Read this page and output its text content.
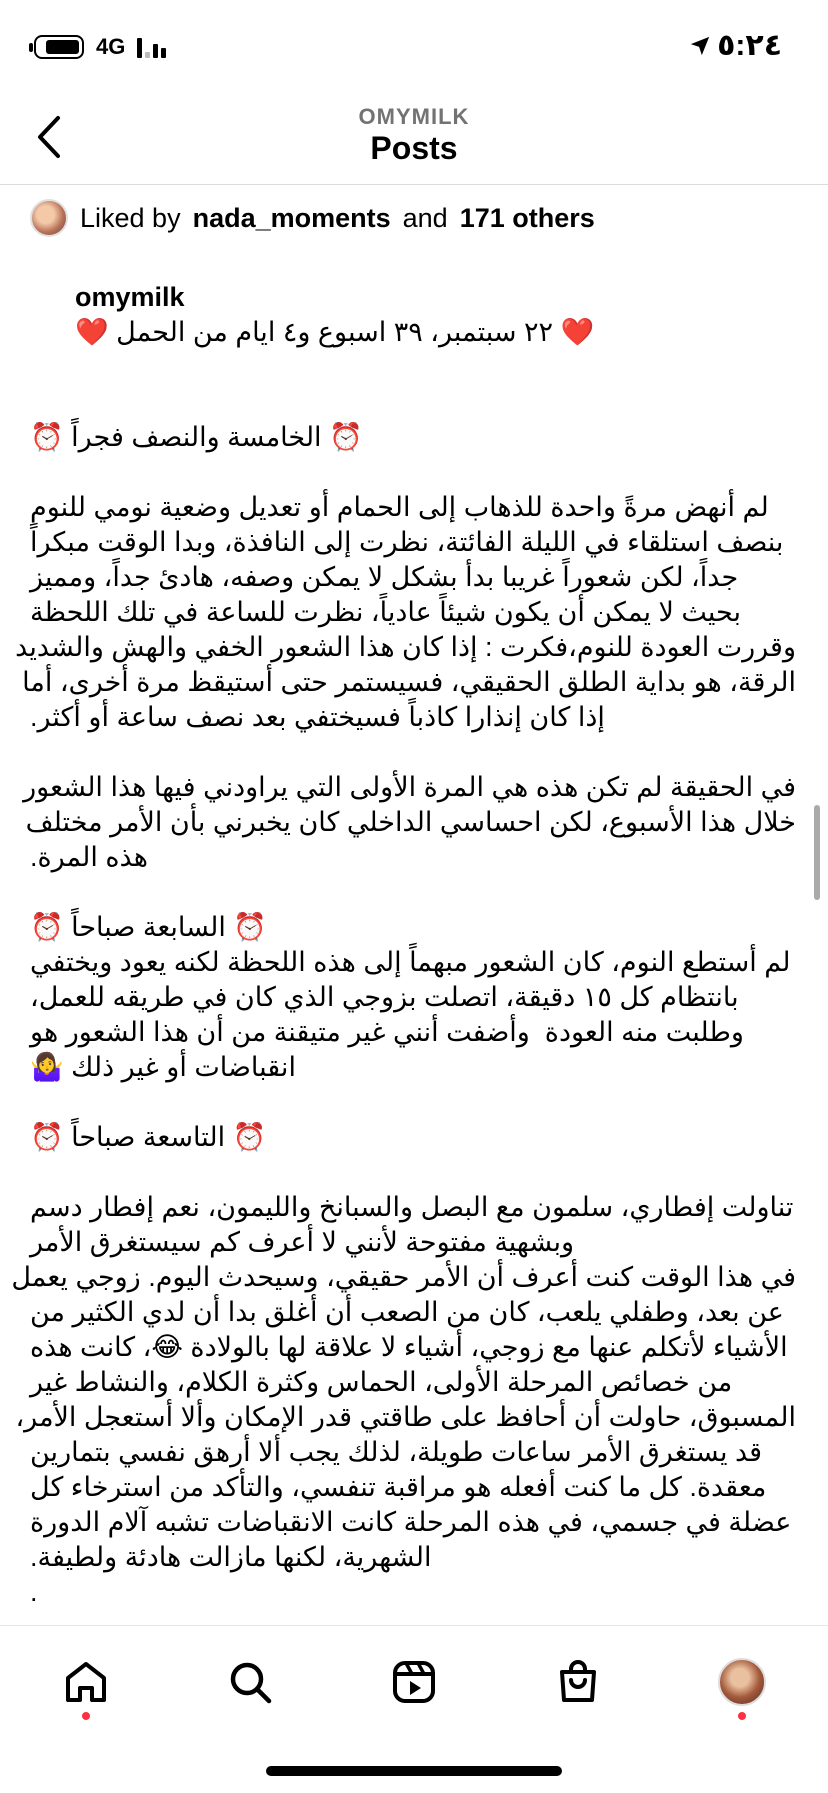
4G	٥:٢٤
OMYMILK
Posts
Liked by nada_moments and 171 others

omymilk
❤️ ٢٢ سبتمبر، ٣٩ اسبوع و٤ ايام من الحمل ❤️

⏰ الخامسة والنصف فجراً ⏰

لم أنهض مرةً واحدة للذهاب إلى الحمام أو تعديل وضعية نومي للنوم
بنصف استلقاء في الليلة الفائتة، نظرت إلى النافذة، وبدا الوقت مبكراً
جداً، لكن شعوراً غريبا بدأ بشكل لا يمكن وصفه، هادئ جداً، ومميز
بحيث لا يمكن أن يكون شيئاً عادياً، نظرت للساعة في تلك اللحظة
وقررت العودة للنوم،فكرت : إذا كان هذا الشعور الخفي والهش والشديد
الرقة، هو بداية الطلق الحقيقي، فسيستمر حتى أستيقظ مرة أخرى، أما
إذا كان إنذارا كاذباً فسيختفي بعد نصف ساعة أو أكثر.

في الحقيقة لم تكن هذه هي المرة الأولى التي يراودني فيها هذا الشعور
خلال هذا الأسبوع، لكن احساسي الداخلي كان يخبرني بأن الأمر مختلف
هذه المرة.

⏰ السابعة صباحاً ⏰
لم أستطع النوم، كان الشعور مبهماً إلى هذه اللحظة لكنه يعود ويختفي
بانتظام كل ١٥ دقيقة، اتصلت بزوجي الذي كان في طريقه للعمل،
وطلبت منه العودة  وأضفت أنني غير متيقنة من أن هذا الشعور هو
انقباضات أو غير ذلك 🤷‍♀️

⏰ التاسعة صباحاً ⏰

تناولت إفطاري، سلمون مع البصل والسبانخ والليمون، نعم إفطار دسم
وبشهية مفتوحة لأنني لا أعرف كم سيستغرق الأمر
في هذا الوقت كنت أعرف أن الأمر حقيقي، وسيحدث اليوم. زوجي يعمل
عن بعد، وطفلي يلعب، كان من الصعب أن أغلق بدا أن لدي الكثير من
الأشياء لأتكلم عنها مع زوجي، أشياء لا علاقة لها بالولادة 😂، كانت هذه
من خصائص المرحلة الأولى، الحماس وكثرة الكلام، والنشاط غير
المسبوق، حاولت أن أحافظ على طاقتي قدر الإمكان وألا أستعجل الأمر،
قد يستغرق الأمر ساعات طويلة، لذلك يجب ألا أرهق نفسي بتمارين
معقدة. كل ما كنت أفعله هو مراقبة تنفسي، والتأكد من استرخاء كل
عضلة في جسمي، في هذه المرحلة كانت الانقباضات تشبه آلام الدورة
الشهرية، لكنها مازالت هادئة ولطيفة.
.
